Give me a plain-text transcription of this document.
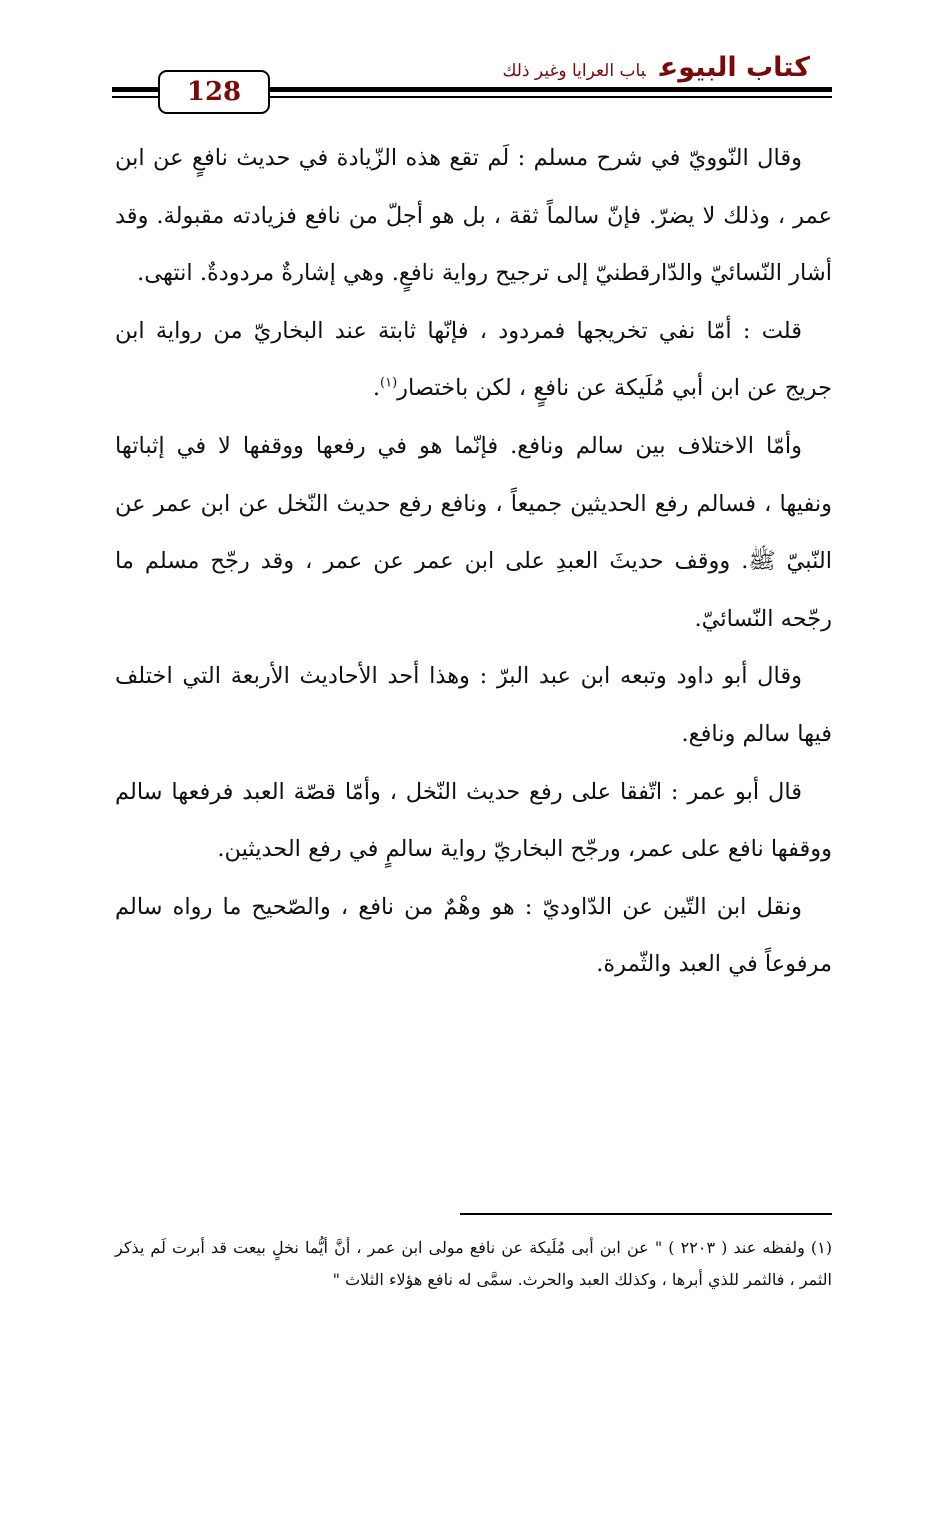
128
كتاب البيوعباب العرايا وغير ذلك

وقال النّوويّ في شرح مسلم : لَم تقع هذه الزّيادة في حديث نافعٍ عن ابن عمر ، وذلك لا يضرّ. فإنّ سالماً ثقة ، بل هو أجلّ من نافع فزيادته مقبولة. وقد أشار النّسائيّ والدّارقطنيّ إلى ترجيح رواية نافعٍ. وهي إشارةٌ مردودةٌ. انتهى.

قلت : أمّا نفي تخريجها فمردود ، فإنّها ثابتة عند البخاريّ من رواية ابن جريج عن ابن أبي مُلَيكة عن نافعٍ ، لكن باختصار$^{(١)}$.

وأمّا الاختلاف بين سالم ونافع. فإنّما هو في رفعها ووقفها لا في إثباتها ونفيها ، فسالم رفع الحديثين جميعاً ، ونافع رفع حديث النّخل عن ابن عمر عن النّبيّ ﷺ. ووقف حديثَ العبدِ على ابن عمر عن عمر ، وقد رجّح مسلم ما رجّحه النّسائيّ.

وقال أبو داود وتبعه ابن عبد البرّ : وهذا أحد الأحاديث الأربعة التي اختلف فيها سالم ونافع.

قال أبو عمر : اتّفقا على رفع حديث النّخل ، وأمّا قصّة العبد فرفعها سالم ووقفها نافع على عمر، ورجّح البخاريّ رواية سالمٍ في رفع الحديثين.

ونقل ابن التّين عن الدّاوديّ : هو وهْمٌ من نافع ، والصّحيح ما رواه سالم مرفوعاً في العبد والثّمرة.

(١) ولفظه عند ( ٢٢٠٣ ) " عن ابن أبى مُلَيكة عن نافع مولى ابن عمر ، أنَّ أيُّما نخلٍ بيعت قد أبرت لَم يذكر الثمر ، فالثمر للذي أبرها ، وكذلك العبد والحرث. سمَّى له نافع هؤلاء الثلاث "
